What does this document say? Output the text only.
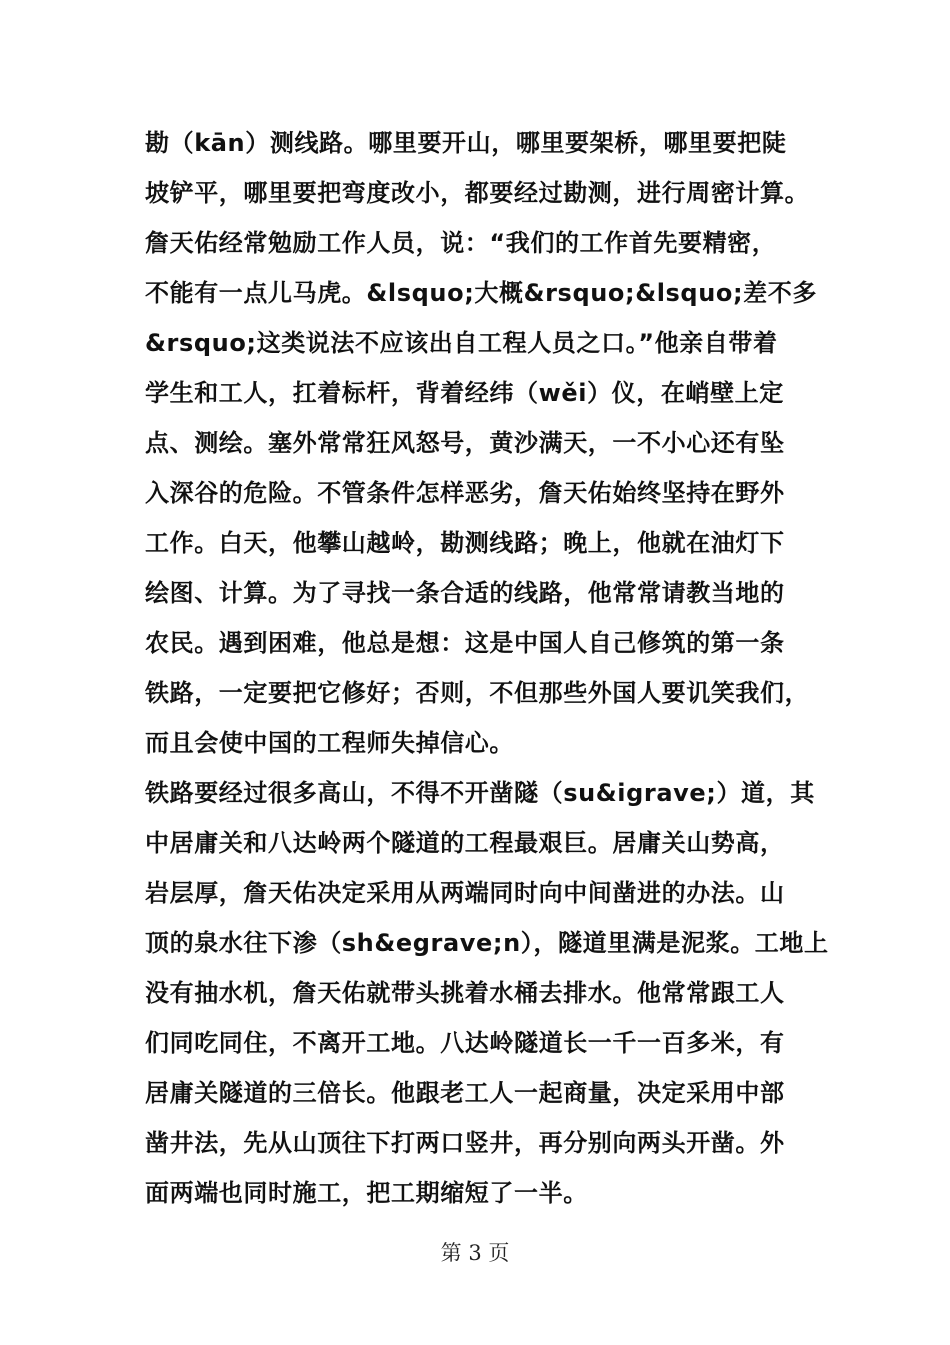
勘（kān）测线路。哪里要开山，哪里要架桥，哪里要把陡
坡铲平，哪里要把弯度改小，都要经过勘测，进行周密计算。
詹天佑经常勉励工作人员，说：“我们的工作首先要精密，
不能有一点儿马虎。&lsquo;大概&rsquo;&lsquo;差不多
&rsquo;这类说法不应该出自工程人员之口。”他亲自带着
学生和工人，扛着标杆，背着经纬（wěi）仪，在峭壁上定
点、测绘。塞外常常狂风怒号，黄沙满天，一不小心还有坠
入深谷的危险。不管条件怎样恶劣，詹天佑始终坚持在野外
工作。白天，他攀山越岭，勘测线路；晚上，他就在油灯下
绘图、计算。为了寻找一条合适的线路，他常常请教当地的
农民。遇到困难，他总是想：这是中国人自己修筑的第一条
铁路，一定要把它修好；否则，不但那些外国人要讥笑我们，
而且会使中国的工程师失掉信心。
铁路要经过很多高山，不得不开凿隧（su&igrave;）道，其
中居庸关和八达岭两个隧道的工程最艰巨。居庸关山势高，
岩层厚，詹天佑决定采用从两端同时向中间凿进的办法。山
顶的泉水往下渗（sh&egrave;n），隧道里满是泥浆。工地上
没有抽水机，詹天佑就带头挑着水桶去排水。他常常跟工人
们同吃同住，不离开工地。八达岭隧道长一千一百多米，有
居庸关隧道的三倍长。他跟老工人一起商量，决定采用中部
凿井法，先从山顶往下打两口竖井，再分别向两头开凿。外
面两端也同时施工，把工期缩短了一半。
第 3 页
